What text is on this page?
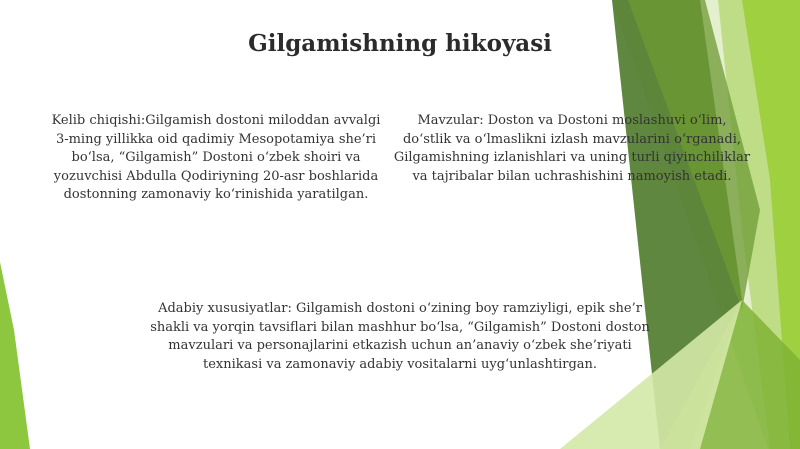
Gilgamishning hikoyasi
Kelib chiqishi:Gilgamish dostoni miloddan avvalgi 3-ming yillikka oid qadimiy Mesopotamiya she’ri bo‘lsa, “Gilgamish” Dostoni o‘zbek shoiri va yozuvchisi Abdulla Qodiriyning 20-asr boshlarida dostonning zamonaviy ko‘rinishida yaratilgan.
Mavzular: Doston va Dostoni moslashuvi o‘lim, do‘stlik va o‘lmaslikni izlash mavzularini o‘rganadi, Gilgamishning izlanishlari va uning turli qiyinchiliklar va tajribalar bilan uchrashishini namoyish etadi.
Adabiy xususiyatlar: Gilgamish dostoni o‘zining boy ramziyligi, epik she’r shakli va yorqin tavsiflari bilan mashhur bo‘lsa, “Gilgamish” Dostoni doston mavzulari va personajlarini etkazish uchun an’anaviy o‘zbek she’riyati texnikasi va zamonaviy adabiy vositalarni uyg‘unlashtirgan.
